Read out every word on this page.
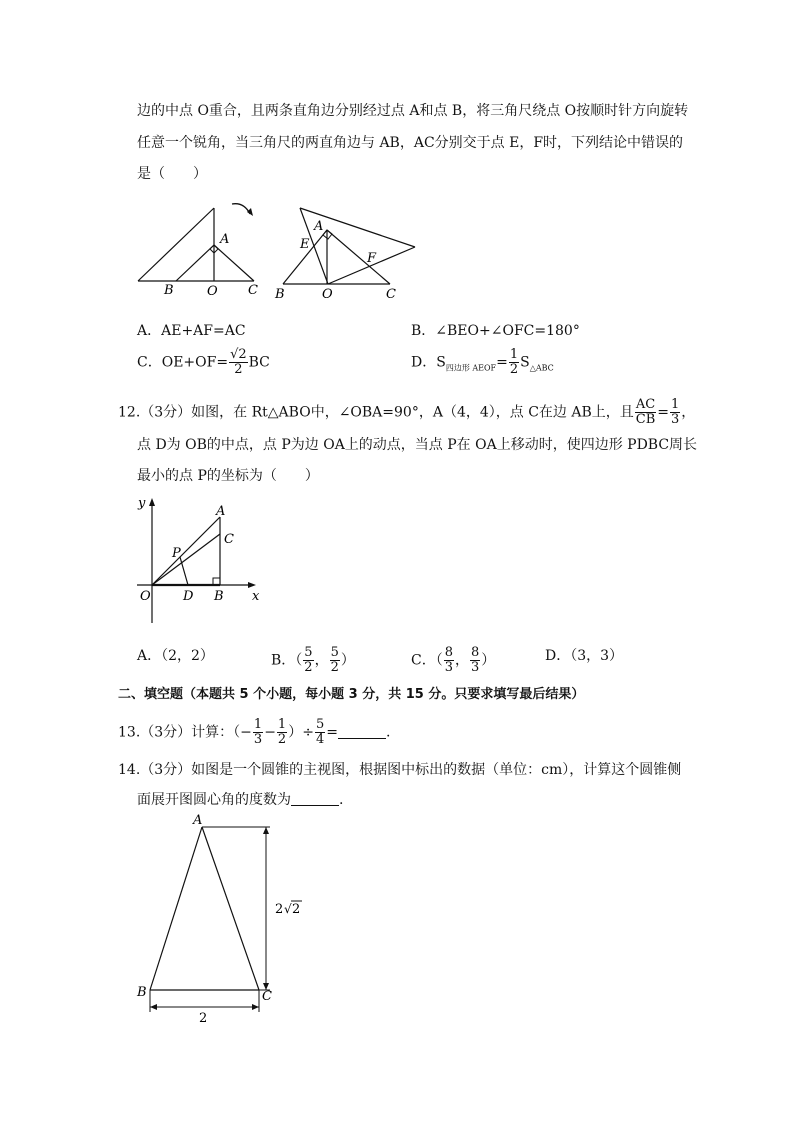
边的中点 O重合，且两条直角边分别经过点 A和点 B，将三角尺绕点 O按顺时针方向旋转
任意一个锐角，当三角尺的两直角边与 AB，AC分别交于点 E，F时，下列结论中错误的
是（　　）
A
B	O C
A
E
F
B	O	C
A．AE+AF=AC	B．∠BEO+∠OFC=180°
C．$OE+OF= \frac{√2}{2}$ BC	D．$S_{四边形 AEOF}= \frac{1}{2} S_{\triangle ABC}$
12.（3分）如图，在 Rt△ABO中，∠OBA=90°，A（4，4），点 C在边 AB上，且 $\frac{AC}{CB} = \frac{1}{3}$ ，
点 D为 OB的中点，点 P为边 OA上的动点，当点 P在 OA上移动时，使四边形 PDBC周长
最小的点 P的坐标为（　　）
y
A
C
P
O D B x
A．（2，2）	B．（ $\frac{5}{2}$ ， $\frac{5}{2}$ ）	C．（ $\frac{8}{3}$ ， $\frac{8}{3}$ ）	D．（3，3）
二、填空题（本题共 5 个小题，每小题 3 分，共 15 分。只要求填写最后结果）
13.（3分）计算：（− $\frac{1}{3} - \frac{1}{2}$ ）÷ $\frac{5}{4}$ =	.
14.（3分）如图是一个圆锥的主视图，根据图中标出的数据（单位：cm），计算这个圆锥侧
面展开图圆心角的度数为	.
A
B	C
2 √ 2
2
